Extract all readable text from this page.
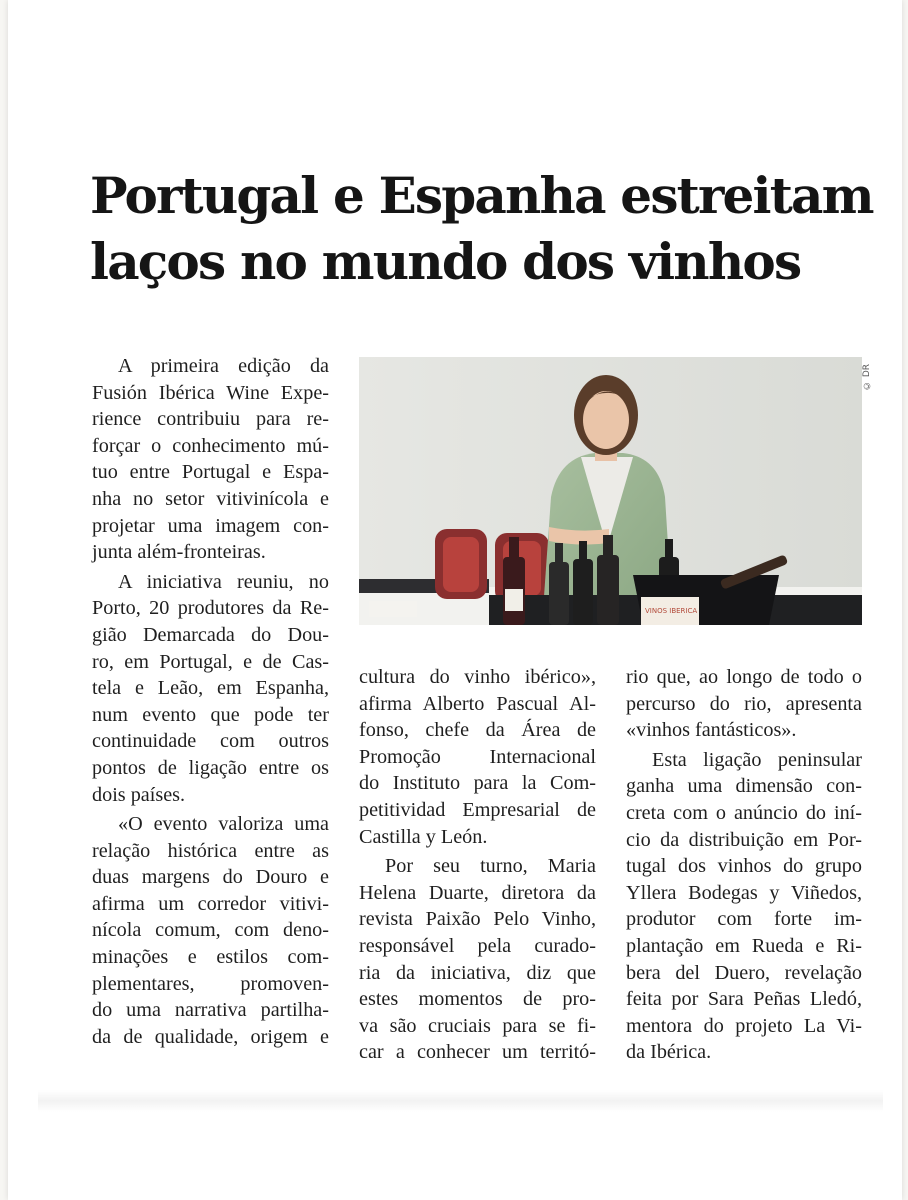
Portugal e Espanha estreitam
laços no mundo dos vinhos
A primeira edição da
Fusión Ibérica Wine Expe-
rience contribuiu para re-
forçar o conhecimento mú-
tuo entre Portugal e Espa-
nha no setor vitivinícola e
projetar uma imagem con-
junta além-fronteiras.
A iniciativa reuniu, no
Porto, 20 produtores da Re-
gião Demarcada do Dou-
ro, em Portugal, e de Cas-
tela e Leão, em Espanha,
num evento que pode ter
continuidade com outros
pontos de ligação entre os
dois países.
«O evento valoriza uma
relação histórica entre as
duas margens do Douro e
afirma um corredor vitivi-
nícola comum, com deno-
minações e estilos com-
plementares, promoven-
do uma narrativa partilha-
da de qualidade, origem e
cultura do vinho ibérico»,
afirma Alberto Pascual Al-
fonso, chefe da Área de
Promoção Internacional
do Instituto para la Com-
petitividad Empresarial de
Castilla y León.
Por seu turno, Maria
Helena Duarte, diretora da
revista Paixão Pelo Vinho,
responsável pela curado-
ria da iniciativa, diz que
estes momentos de pro-
va são cruciais para se fi-
car a conhecer um territó-
rio que, ao longo de todo o
percurso do rio, apresenta
«vinhos fantásticos».
Esta ligação peninsular
ganha uma dimensão con-
creta com o anúncio do iní-
cio da distribuição em Por-
tugal dos vinhos do grupo
Yllera Bodegas y Viñedos,
produtor com forte im-
plantação em Rueda e Ri-
bera del Duero, revelação
feita por Sara Peñas Lledó,
mentora do projeto La Vi-
da Ibérica.
VINOS IBERICA
© DR
